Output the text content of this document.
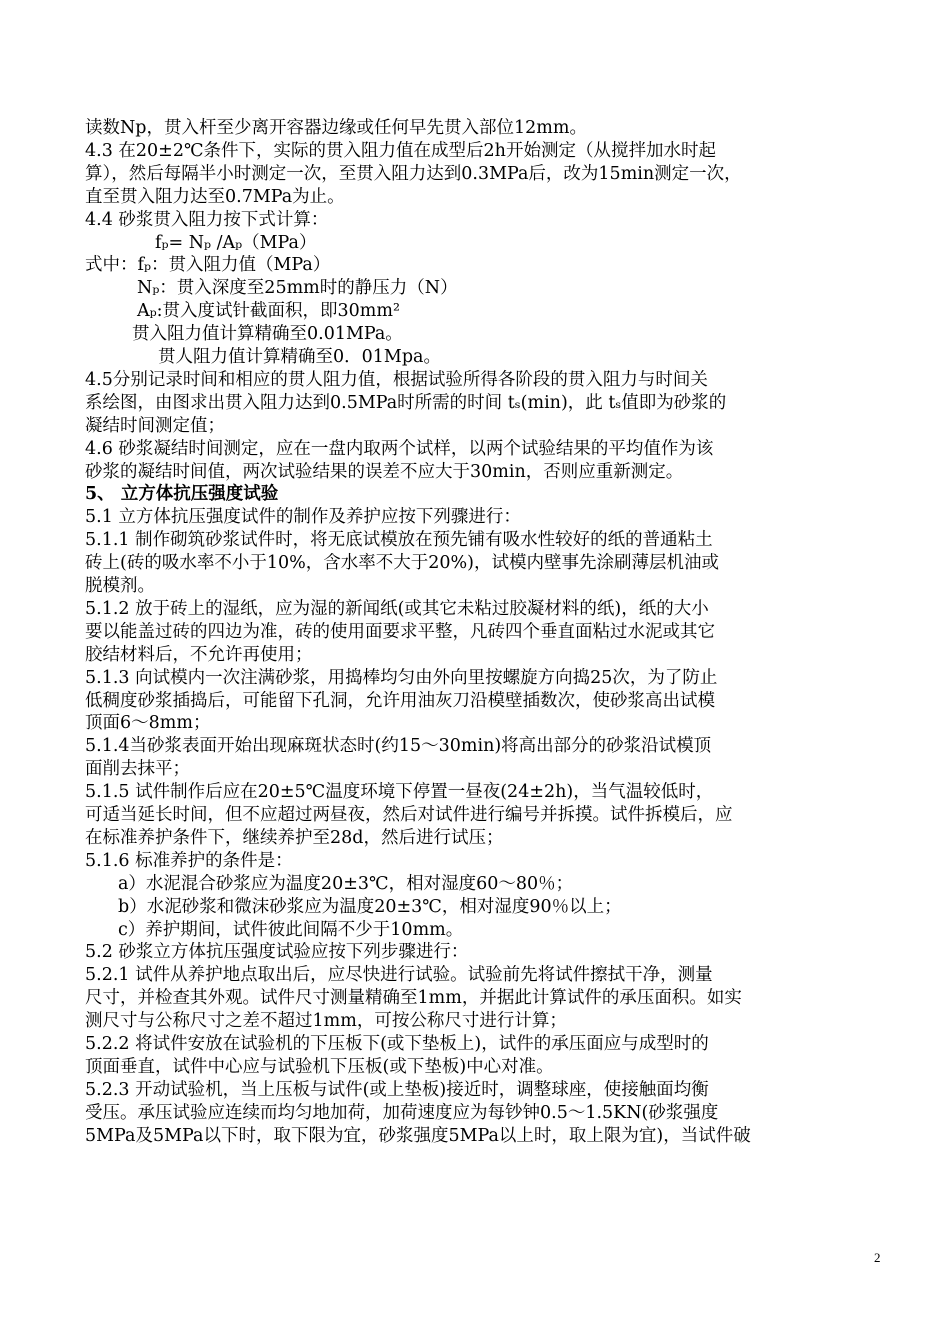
读数Np，贯入杆至少离开容器边缘或任何早先贯入部位12mm。
4.3 在20±2℃条件下，实际的贯入阻力值在成型后2h开始测定（从搅拌加水时起
算），然后每隔半小时测定一次，至贯入阻力达到0.3MPa后，改为15min测定一次，
直至贯入阻力达至0.7MPa为止。
4.4 砂浆贯入阻力按下式计算：
fₚ= Nₚ /Aₚ（MPa）
式中：fₚ：贯入阻力值（MPa）
Nₚ：贯入深度至25mm时的静压力（N）
Aₚ:贯入度试针截面积，即30mm²
贯入阻力值计算精确至0.01MPa。
贯人阻力值计算精确至0．01Mpa。
4.5分别记录时间和相应的贯人阻力值，根据试验所得各阶段的贯入阻力与时间关
系绘图，由图求出贯入阻力达到0.5MPa时所需的时间 tₛ(min)，此 tₛ值即为砂浆的
凝结时间测定值；
4.6 砂浆凝结时间测定，应在一盘内取两个试样，以两个试验结果的平均值作为该
砂浆的凝结时间值，两次试验结果的误差不应大于30min，否则应重新测定。
5、 立方体抗压强度试验
5.1 立方体抗压强度试件的制作及养护应按下列骤进行：
5.1.1 制作砌筑砂浆试件时，将无底试模放在预先铺有吸水性较好的纸的普通粘土
砖上(砖的吸水率不小于10%，含水率不大于20%)，试模内壁事先涂刷薄层机油或
脱模剂。
5.1.2 放于砖上的湿纸，应为湿的新闻纸(或其它未粘过胶凝材料的纸)，纸的大小
要以能盖过砖的四边为准，砖的使用面要求平整，凡砖四个垂直面粘过水泥或其它
胶结材料后，不允许再使用；
5.1.3 向试模内一次注满砂浆，用捣棒均匀由外向里按螺旋方向捣25次，为了防止
低稠度砂浆插捣后，可能留下孔洞，允许用油灰刀沿模壁插数次，使砂浆高出试模
顶面6～8mm；
5.1.4当砂浆表面开始出现麻斑状态时(约15～30min)将高出部分的砂浆沿试模顶
面削去抹平；
5.1.5 试件制作后应在20±5℃温度环境下停置一昼夜(24±2h)，当气温较低时，
可适当延长时间，但不应超过两昼夜，然后对试件进行编号并拆摸。试件拆模后，应
在标准养护条件下，继续养护至28d，然后进行试压；
5.1.6 标准养护的条件是：
a）水泥混合砂浆应为温度20±3℃，相对湿度60～80％；
b）水泥砂浆和微沫砂浆应为温度20±3℃，相对湿度90％以上；
c）养护期间，试件彼此间隔不少于10mm。
5.2 砂浆立方体抗压强度试验应按下列步骤进行：
5.2.1 试件从养护地点取出后，应尽快进行试验。试验前先将试件擦拭干净，测量
尺寸，并检查其外观。试件尺寸测量精确至1mm，并据此计算试件的承压面积。如实
测尺寸与公称尺寸之差不超过1mm，可按公称尺寸进行计算；
5.2.2 将试件安放在试验机的下压板下(或下垫板上)，试件的承压面应与成型时的
顶面垂直，试件中心应与试验机下压板(或下垫板)中心对准。
5.2.3 开动试验机，当上压板与试件(或上垫板)接近时，调整球座，使接触面均衡
受压。承压试验应连续而均匀地加荷，加荷速度应为每钞钟0.5～1.5KN(砂浆强度
5MPa及5MPa以下时，取下限为宜，砂浆强度5MPa以上时，取上限为宜)，当试件破
2
